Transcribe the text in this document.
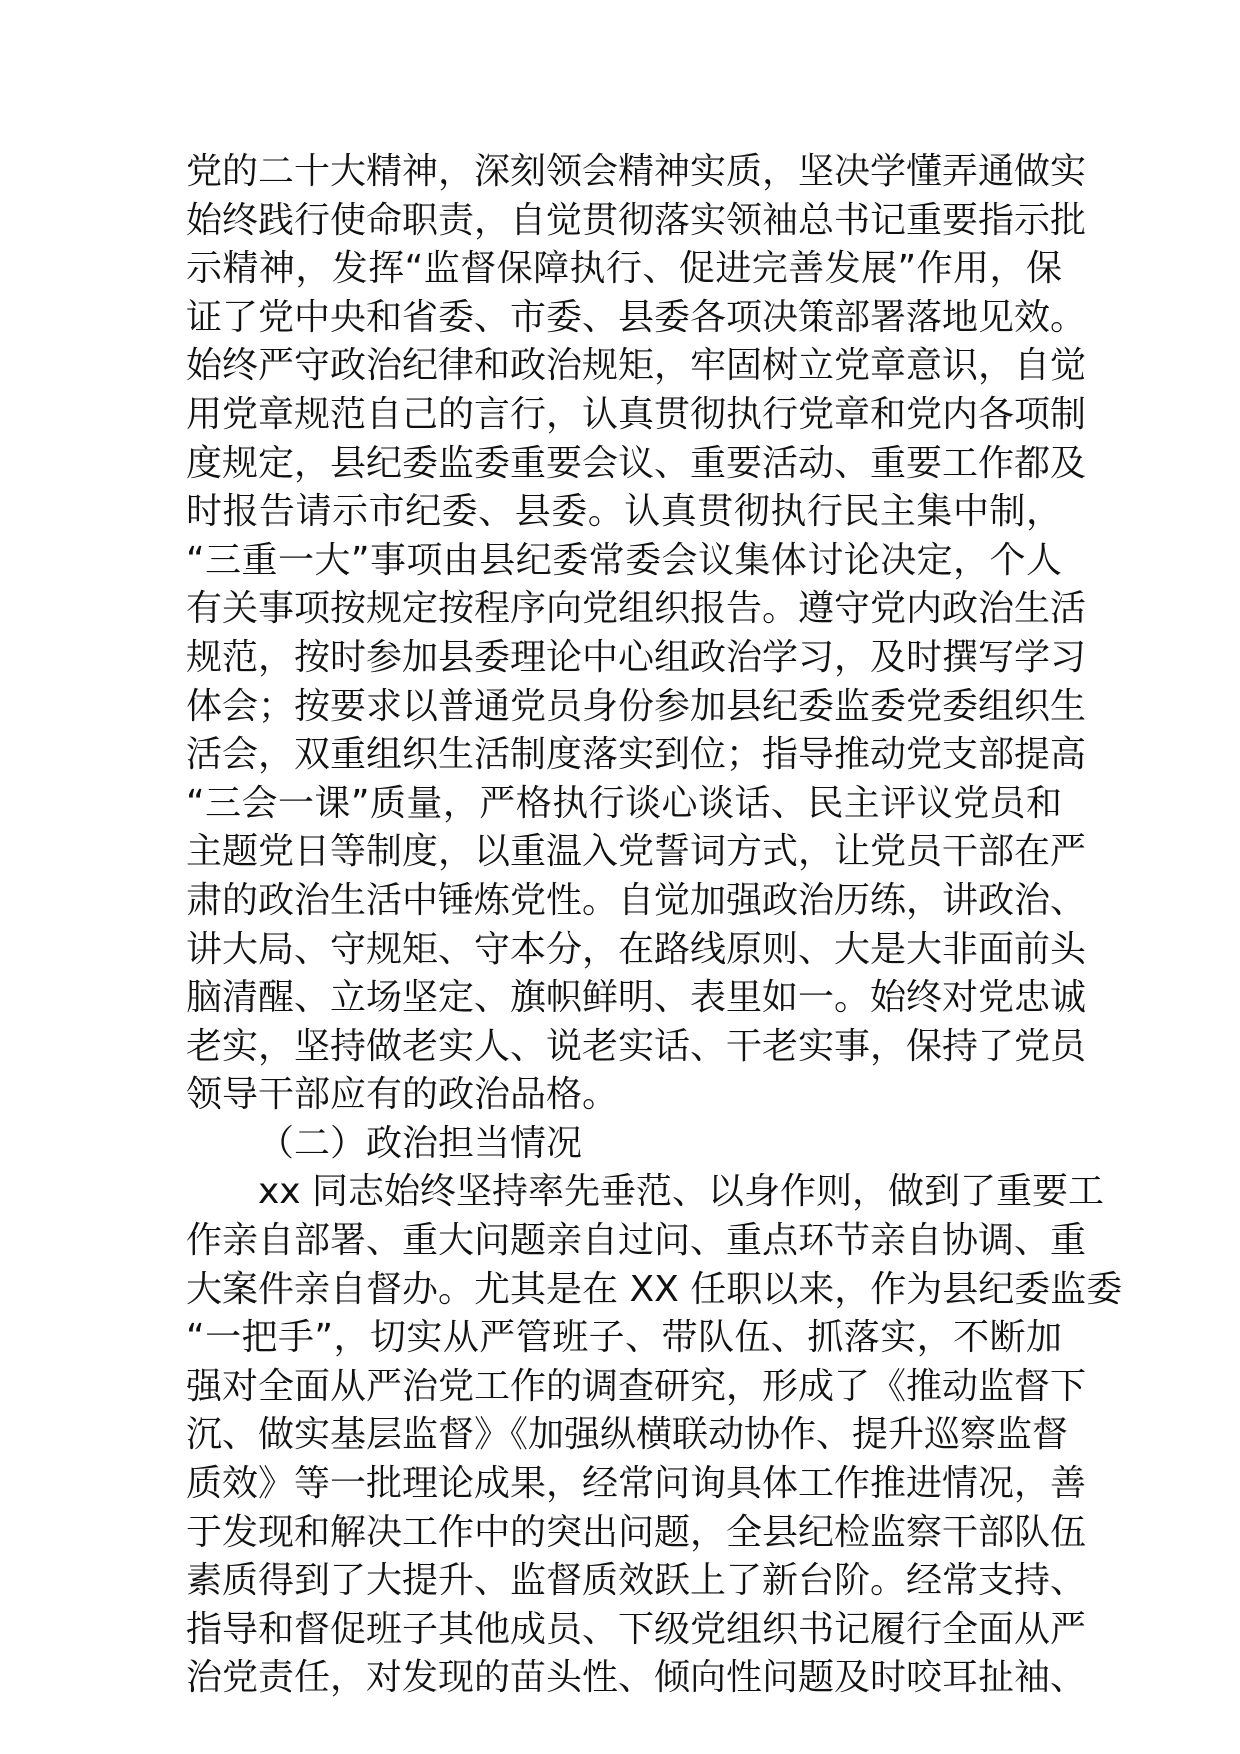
党的二十大精神，深刻领会精神实质，坚决学懂弄通做实
始终践行使命职责，自觉贯彻落实领袖总书记重要指示批
示精神，发挥“监督保障执行、促进完善发展”作用，保
证了党中央和省委、市委、县委各项决策部署落地见效。
始终严守政治纪律和政治规矩，牢固树立党章意识，自觉
用党章规范自己的言行，认真贯彻执行党章和党内各项制
度规定，县纪委监委重要会议、重要活动、重要工作都及
时报告请示市纪委、县委。认真贯彻执行民主集中制，
“三重一大”事项由县纪委常委会议集体讨论决定，个人
有关事项按规定按程序向党组织报告。遵守党内政治生活
规范，按时参加县委理论中心组政治学习，及时撰写学习
体会；按要求以普通党员身份参加县纪委监委党委组织生
活会，双重组织生活制度落实到位；指导推动党支部提高
“三会一课”质量，严格执行谈心谈话、民主评议党员和
主题党日等制度，以重温入党誓词方式，让党员干部在严
肃的政治生活中锤炼党性。自觉加强政治历练，讲政治、
讲大局、守规矩、守本分，在路线原则、大是大非面前头
脑清醒、立场坚定、旗帜鲜明、表里如一。始终对党忠诚
老实，坚持做老实人、说老实话、干老实事，保持了党员
领导干部应有的政治品格。
（二）政治担当情况
xx 同志始终坚持率先垂范、以身作则，做到了重要工
作亲自部署、重大问题亲自过问、重点环节亲自协调、重
大案件亲自督办。尤其是在 XX 任职以来，作为县纪委监委
“一把手”，切实从严管班子、带队伍、抓落实，不断加
强对全面从严治党工作的调查研究，形成了《推动监督下
沉、做实基层监督》《加强纵横联动协作、提升巡察监督
质效》等一批理论成果，经常问询具体工作推进情况，善
于发现和解决工作中的突出问题，全县纪检监察干部队伍
素质得到了大提升、监督质效跃上了新台阶。经常支持、
指导和督促班子其他成员、下级党组织书记履行全面从严
治党责任，对发现的苗头性、倾向性问题及时咬耳扯袖、
